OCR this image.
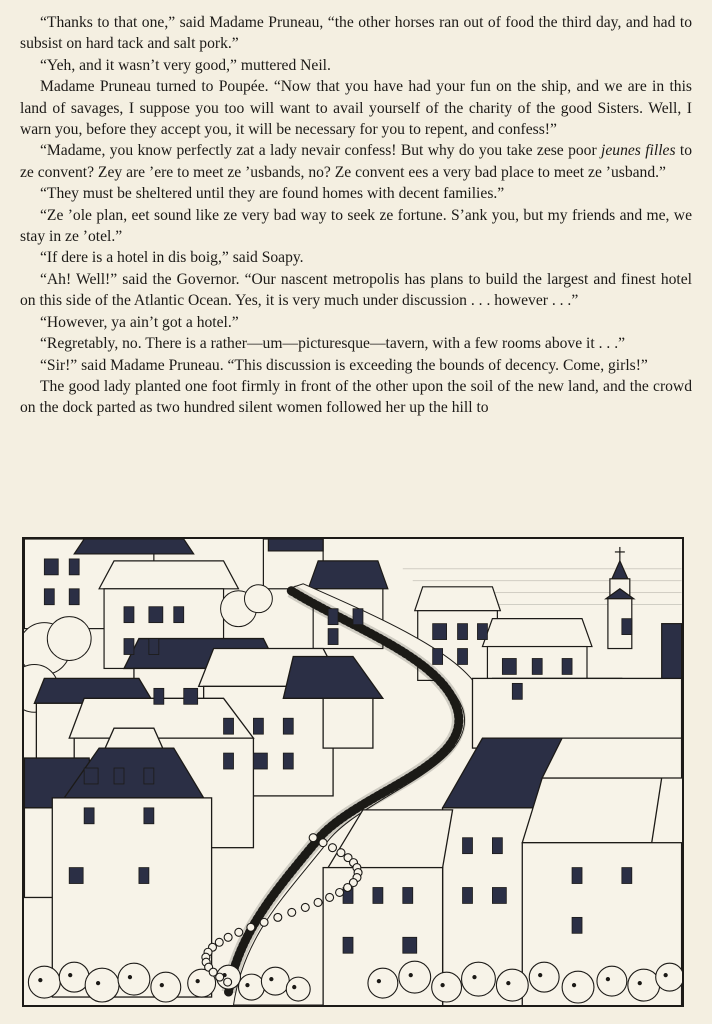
“Thanks to that one,” said Madame Pruneau, “the other horses ran out of food the third day, and had to subsist on hard tack and salt pork.”

“Yeh, and it wasn’t very good,” muttered Neil.

Madame Pruneau turned to Poupée. “Now that you have had your fun on the ship, and we are in this land of savages, I suppose you too will want to avail yourself of the charity of the good Sisters. Well, I warn you, before they accept you, it will be necessary for you to repent, and confess!”

“Madame, you know perfectly zat a lady nevair confess! But why do you take zese poor jeunes filles to ze convent? Zey are ’ere to meet ze ’usbands, no? Ze convent ees a very bad place to meet ze ’usband.”

“They must be sheltered until they are found homes with decent families.”

“Ze ’ole plan, eet sound like ze very bad way to seek ze fortune. S’ank you, but my friends and me, we stay in ze ’otel.”

“If dere is a hotel in dis boig,” said Soapy.

“Ah! Well!” said the Governor. “Our nascent metropolis has plans to build the largest and finest hotel on this side of the Atlantic Ocean. Yes, it is very much under discussion . . . however . . .”

“However, ya ain’t got a hotel.”

“Regretably, no. There is a rather—um—picturesque—tavern, with a few rooms above it . . .”

“Sir!” said Madame Pruneau. “This discussion is exceeding the bounds of decency. Come, girls!”

The good lady planted one foot firmly in front of the other upon the soil of the new land, and the crowd on the dock parted as two hundred silent women followed her up the hill to
